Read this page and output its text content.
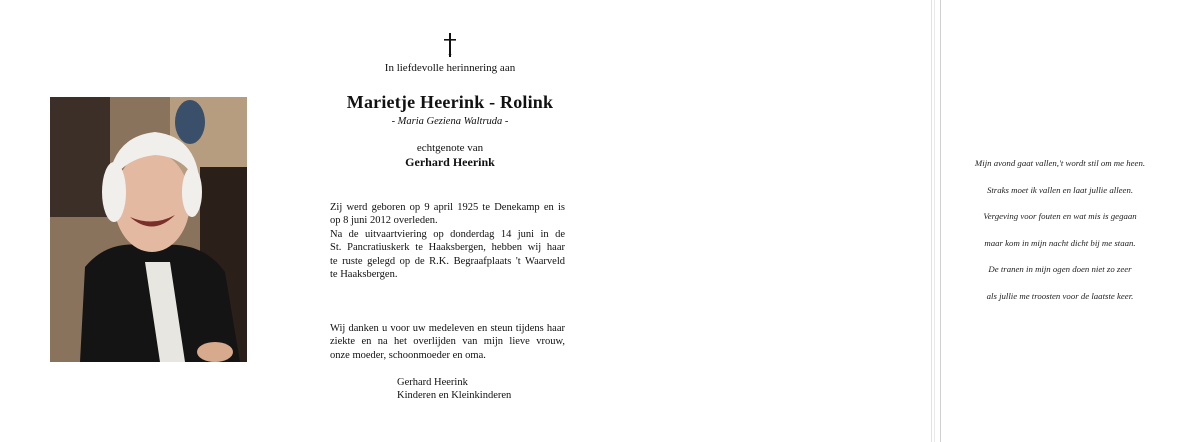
In liefdevolle herinnering aan
Marietje Heerink - Rolink
- Maria Geziena Waltruda -
echtgenote van
Gerhard Heerink
Zij werd geboren op 9 april 1925 te Denekamp en is
op 8 juni 2012 overleden.
Na de uitvaartviering op donderdag 14 juni in de
St. Pancratiuskerk te Haaksbergen, hebben wij haar
te ruste gelegd op de R.K. Begraafplaats 't Waarveld
te Haaksbergen.
Wij danken u voor uw medeleven en steun tijdens haar
ziekte en na het overlijden van mijn lieve vrouw,
onze moeder, schoonmoeder en oma.
Gerhard Heerink
Kinderen en Kleinkinderen
Mijn avond gaat vallen,'t wordt stil om me heen.
Straks moet ik vallen en laat jullie alleen.
Vergeving voor fouten en wat mis is gegaan
maar kom in mijn nacht dicht bij me staan.
De tranen in mijn ogen doen niet zo zeer
als jullie me troosten voor de laatste keer.
